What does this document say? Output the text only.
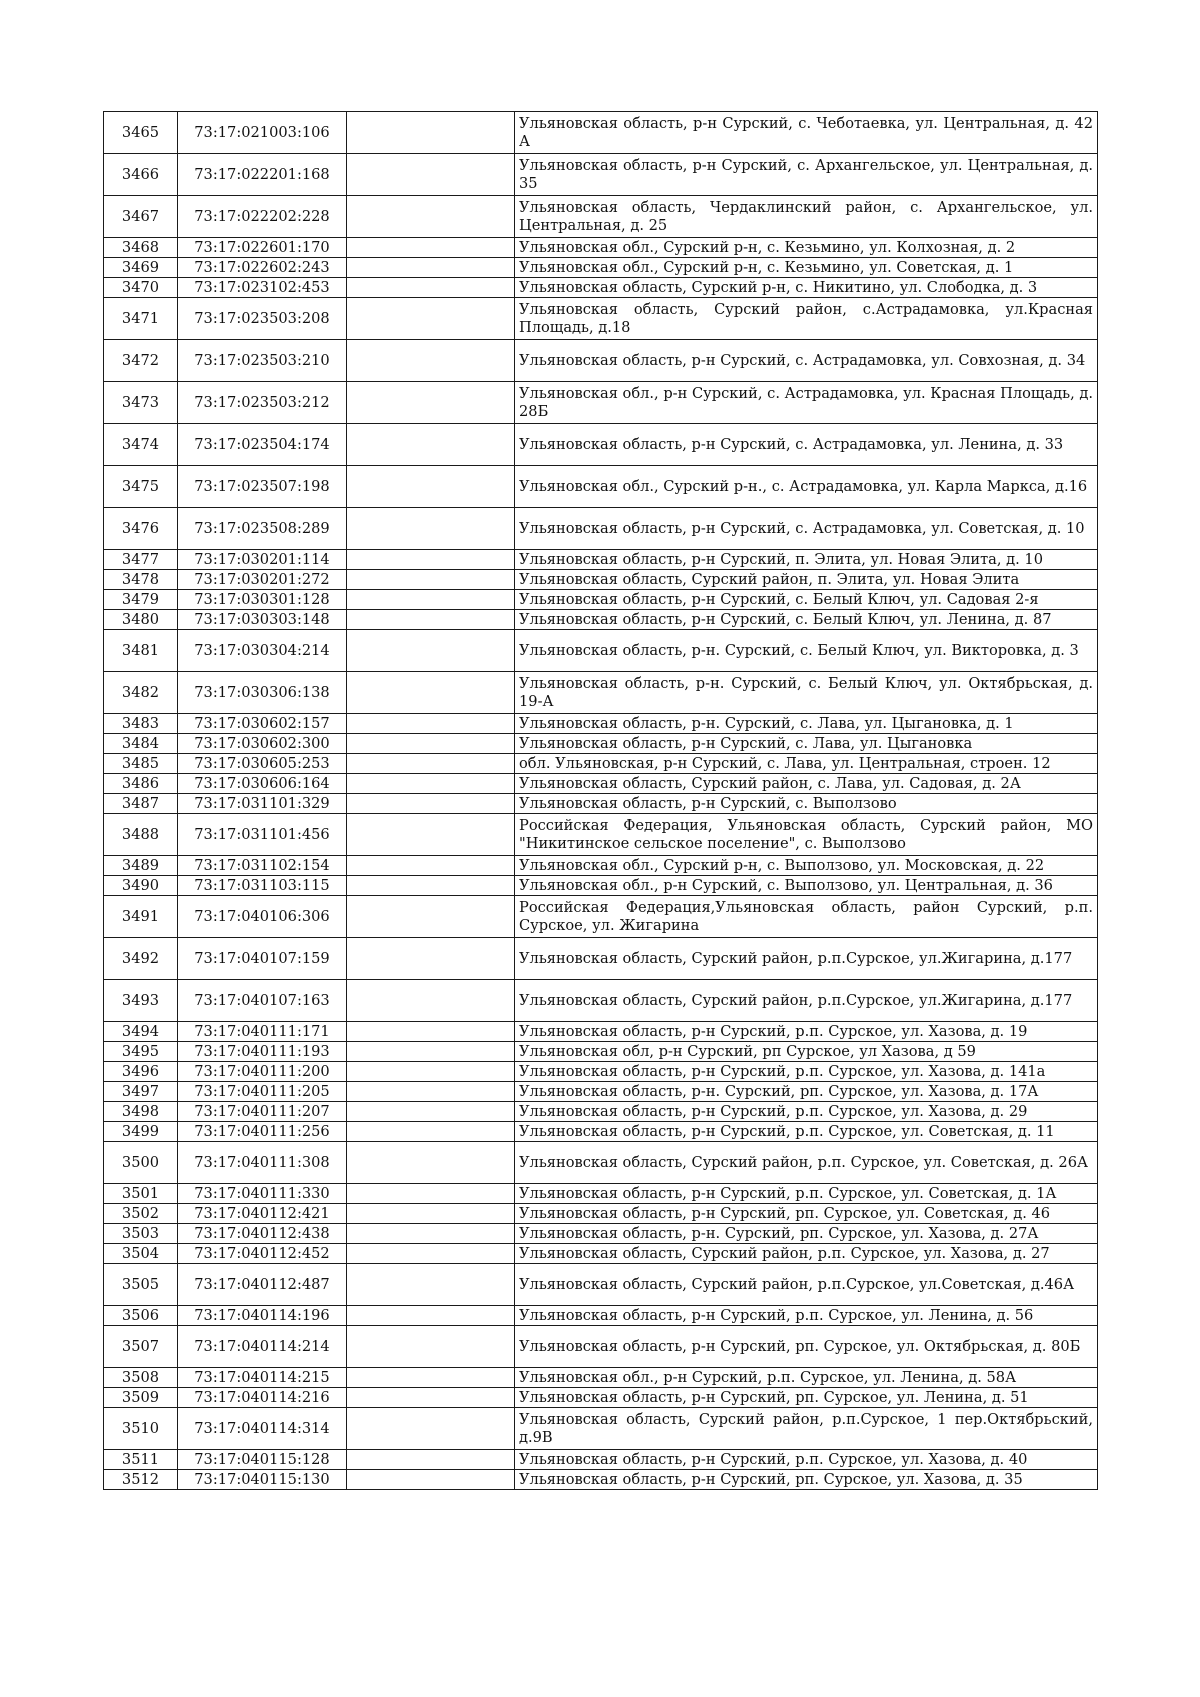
3465	73:17:021003:106		Ульяновская область, р-н Сурский, с. Чеботаевка, ул. Центральная, д. 42 А
3466	73:17:022201:168		Ульяновская область, р-н Сурский, с. Архангельское, ул. Центральная, д. 35
3467	73:17:022202:228		Ульяновская область, Чердаклинский район, с. Архангельское, ул. Центральная, д. 25
3468	73:17:022601:170		Ульяновская обл., Сурский р-н, с. Кезьмино, ул. Колхозная, д. 2
3469	73:17:022602:243		Ульяновская обл., Сурский р-н, с. Кезьмино, ул. Советская, д. 1
3470	73:17:023102:453		Ульяновская область, Сурский р-н, с. Никитино, ул. Слободка, д. 3
3471	73:17:023503:208		Ульяновская область, Сурский район, с.Астрадамовка, ул.Красная Площадь, д.18
3472	73:17:023503:210		Ульяновская область, р-н Сурский, с. Астрадамовка, ул. Совхозная, д. 34
3473	73:17:023503:212		Ульяновская обл., р-н Сурский, с. Астрадамовка, ул. Красная Площадь, д. 28Б
3474	73:17:023504:174		Ульяновская область, р-н Сурский, с. Астрадамовка, ул. Ленина, д. 33
3475	73:17:023507:198		Ульяновская обл., Сурский р-н., с. Астрадамовка, ул. Карла Маркса, д.16
3476	73:17:023508:289		Ульяновская область, р-н Сурский, с. Астрадамовка, ул. Советская, д. 10
3477	73:17:030201:114		Ульяновская область, р-н Сурский, п. Элита, ул. Новая Элита, д. 10
3478	73:17:030201:272		Ульяновская область, Сурский район, п. Элита, ул. Новая Элита
3479	73:17:030301:128		Ульяновская область, р-н Сурский, с. Белый Ключ, ул. Садовая 2-я
3480	73:17:030303:148		Ульяновская область, р-н Сурский, с. Белый Ключ, ул. Ленина, д. 87
3481	73:17:030304:214		Ульяновская область, р-н. Сурский, с. Белый Ключ, ул. Викторовка, д. 3
3482	73:17:030306:138		Ульяновская область, р-н. Сурский, с. Белый Ключ, ул. Октябрьская, д. 19-А
3483	73:17:030602:157		Ульяновская область, р-н. Сурский, с. Лава, ул. Цыгановка, д. 1
3484	73:17:030602:300		Ульяновская область, р-н Сурский, с. Лава, ул. Цыгановка
3485	73:17:030605:253		обл. Ульяновская, р-н Сурский, с. Лава, ул. Центральная, строен. 12
3486	73:17:030606:164		Ульяновская область, Сурский район, с. Лава, ул. Садовая, д. 2А
3487	73:17:031101:329		Ульяновская область, р-н Сурский, с. Выползово
3488	73:17:031101:456		Российская Федерация, Ульяновская область, Сурский район, МО "Никитинское сельское поселение", с. Выползово
3489	73:17:031102:154		Ульяновская обл., Сурский р-н, с. Выползово, ул. Московская, д. 22
3490	73:17:031103:115		Ульяновская обл., р-н Сурский, с. Выползово, ул. Центральная, д. 36
3491	73:17:040106:306		Российская Федерация,Ульяновская область, район Сурский, р.п. Сурское, ул. Жигарина
3492	73:17:040107:159		Ульяновская область, Сурский район, р.п.Сурское, ул.Жигарина, д.177
3493	73:17:040107:163		Ульяновская область, Сурский район, р.п.Сурское, ул.Жигарина, д.177
3494	73:17:040111:171		Ульяновская область, р-н Сурский, р.п. Сурское, ул. Хазова, д. 19
3495	73:17:040111:193		Ульяновская обл, р-н Сурский, рп Сурское, ул Хазова, д 59
3496	73:17:040111:200		Ульяновская область, р-н Сурский, р.п. Сурское, ул. Хазова, д. 141а
3497	73:17:040111:205		Ульяновская область, р-н. Сурский, рп. Сурское, ул. Хазова, д. 17А
3498	73:17:040111:207		Ульяновская область, р-н Сурский, р.п. Сурское, ул. Хазова, д. 29
3499	73:17:040111:256		Ульяновская область, р-н Сурский, р.п. Сурское, ул. Советская, д. 11
3500	73:17:040111:308		Ульяновская область, Сурский район, р.п. Сурское, ул. Советская, д. 26А
3501	73:17:040111:330		Ульяновская область, р-н Сурский, р.п. Сурское, ул. Советская, д. 1А
3502	73:17:040112:421		Ульяновская область, р-н Сурский, рп. Сурское, ул. Советская, д. 46
3503	73:17:040112:438		Ульяновская область, р-н. Сурский, рп. Сурское, ул. Хазова, д. 27А
3504	73:17:040112:452		Ульяновская область, Сурский район, р.п. Сурское, ул. Хазова, д. 27
3505	73:17:040112:487		Ульяновская область, Сурский район, р.п.Сурское, ул.Советская, д.46А
3506	73:17:040114:196		Ульяновская область, р-н Сурский, р.п. Сурское, ул. Ленина, д. 56
3507	73:17:040114:214		Ульяновская область, р-н Сурский, рп. Сурское, ул. Октябрьская, д. 80Б
3508	73:17:040114:215		Ульяновская обл., р-н Сурский, р.п. Сурское, ул. Ленина, д. 58А
3509	73:17:040114:216		Ульяновская область, р-н Сурский, рп. Сурское, ул. Ленина, д. 51
3510	73:17:040114:314		Ульяновская область, Сурский район, р.п.Сурское, 1 пер.Октябрьский, д.9В
3511	73:17:040115:128		Ульяновская область, р-н Сурский, р.п. Сурское, ул. Хазова, д. 40
3512	73:17:040115:130		Ульяновская область, р-н Сурский, рп. Сурское, ул. Хазова, д. 35
